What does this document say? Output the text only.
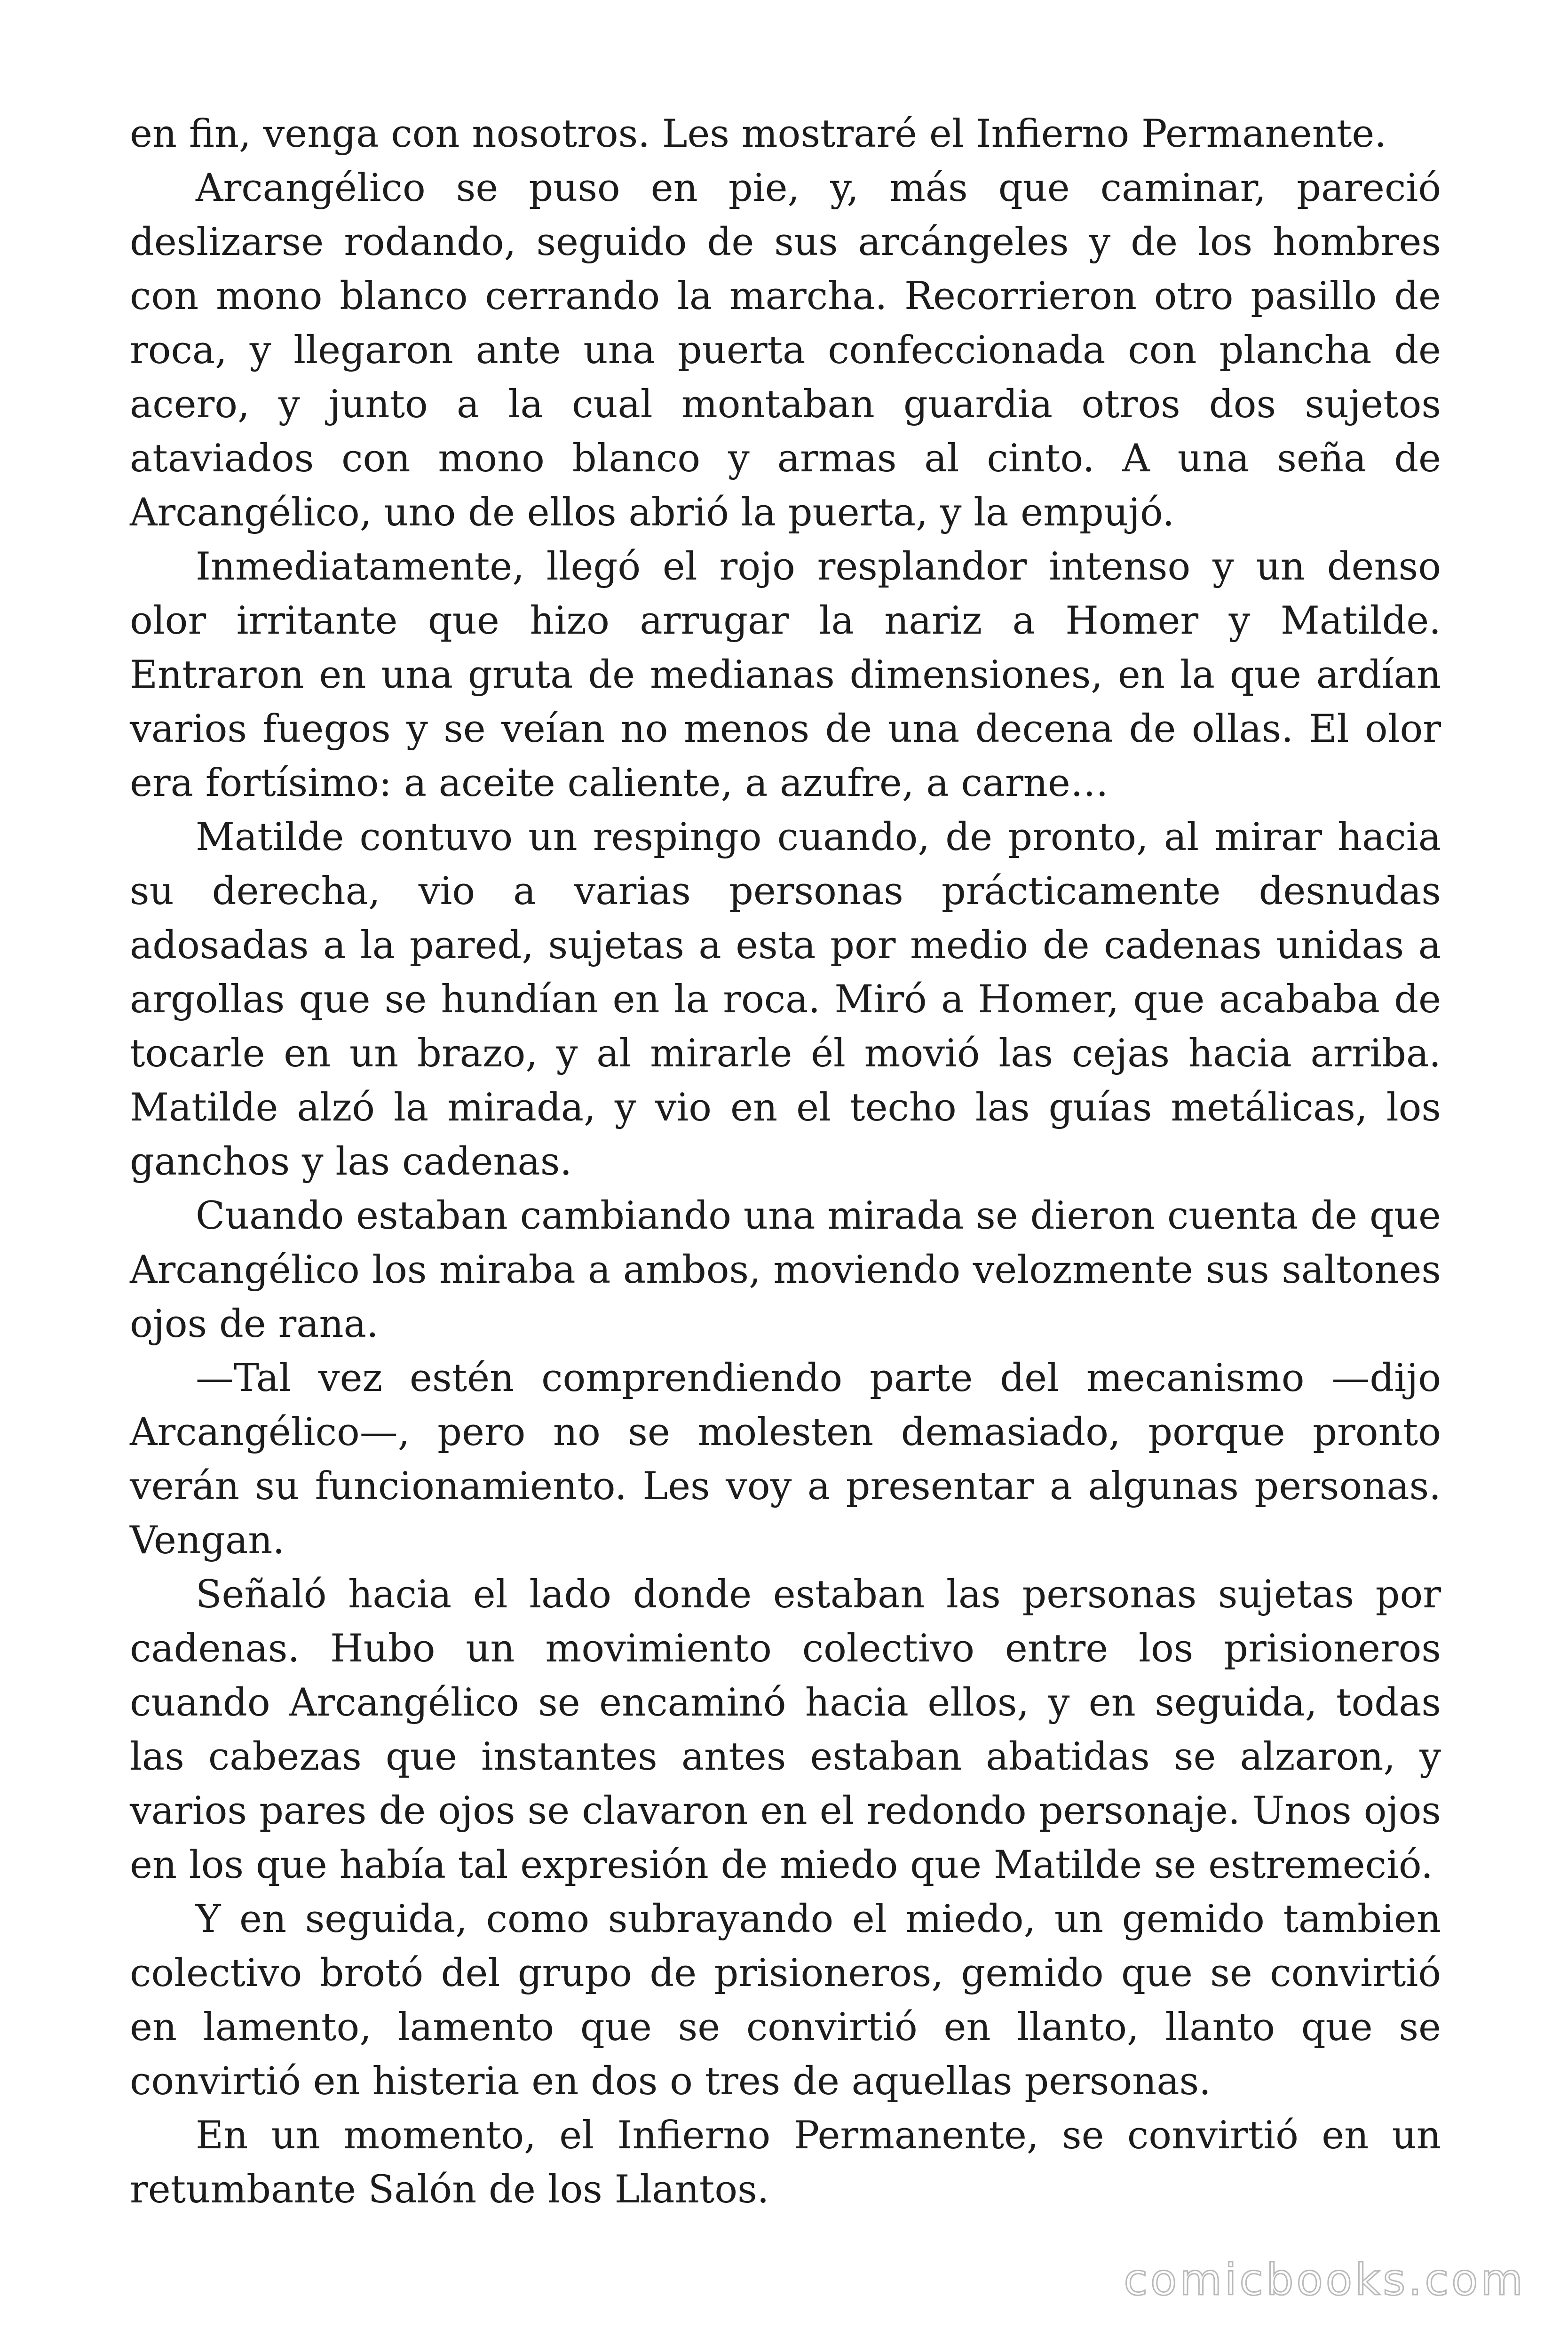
en fin, venga con nosotros. Les mostraré el Infierno Permanente.

Arcangélico se puso en pie, y, más que caminar, pareció deslizarse rodando, seguido de sus arcángeles y de los hombres con mono blanco cerrando la marcha. Recorrieron otro pasillo de roca, y llegaron ante una puerta confeccionada con plancha de acero, y junto a la cual montaban guardia otros dos sujetos ataviados con mono blanco y armas al cinto. A una seña de Arcangélico, uno de ellos abrió la puerta, y la empujó.

Inmediatamente, llegó el rojo resplandor intenso y un denso olor irritante que hizo arrugar la nariz a Homer y Matilde. Entraron en una gruta de medianas dimensiones, en la que ardían varios fuegos y se veían no menos de una decena de ollas. El olor era fortísimo: a aceite caliente, a azufre, a carne…

Matilde contuvo un respingo cuando, de pronto, al mirar hacia su derecha, vio a varias personas prácticamente desnudas adosadas a la pared, sujetas a esta por medio de cadenas unidas a argollas que se hundían en la roca. Miró a Homer, que acababa de tocarle en un brazo, y al mirarle él movió las cejas hacia arriba. Matilde alzó la mirada, y vio en el techo las guías metálicas, los ganchos y las cadenas.

Cuando estaban cambiando una mirada se dieron cuenta de que Arcangélico los miraba a ambos, moviendo velozmente sus saltones ojos de rana.

—Tal vez estén comprendiendo parte del mecanismo —dijo Arcangélico—, pero no se molesten demasiado, porque pronto verán su funcionamiento. Les voy a presentar a algunas personas. Vengan.

Señaló hacia el lado donde estaban las personas sujetas por cadenas. Hubo un movimiento colectivo entre los prisioneros cuando Arcangélico se encaminó hacia ellos, y en seguida, todas las cabezas que instantes antes estaban abatidas se alzaron, y varios pares de ojos se clavaron en el redondo personaje. Unos ojos en los que había tal expresión de miedo que Matilde se estremeció.

Y en seguida, como subrayando el miedo, un gemido tambien colectivo brotó del grupo de prisioneros, gemido que se convirtió en lamento, lamento que se convirtió en llanto, llanto que se convirtió en histeria en dos o tres de aquellas personas.

En un momento, el Infierno Permanente, se convirtió en un retumbante Salón de los Llantos.

comicbooks.com
